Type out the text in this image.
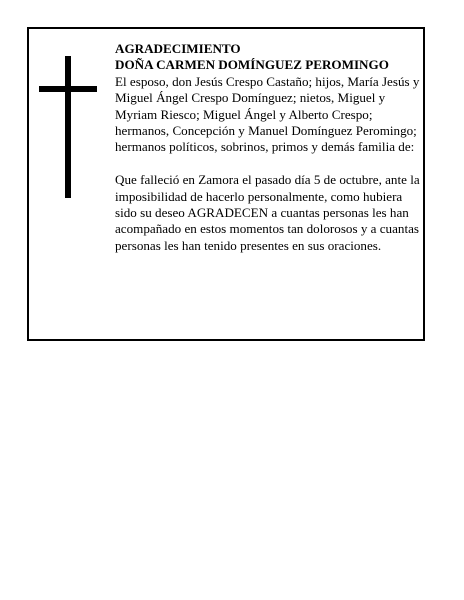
AGRADECIMIENTO

DOÑA CARMEN DOMÍNGUEZ PEROMINGO

El esposo, don Jesús Crespo Castaño; hijos, María Jesús y Miguel Ángel Crespo Domínguez; nietos, Miguel y Myriam Riesco; Miguel Ángel y Alberto Crespo; hermanos, Concepción y Manuel Domínguez Peromingo; hermanos políticos, sobrinos, primos y demás familia de:

Que falleció en Zamora el pasado día 5 de octubre, ante la imposibilidad de hacerlo personalmente, como hubiera sido su deseo AGRADECEN a cuantas personas les han acompañado en estos momentos tan dolorosos y a cuantas personas les han tenido presentes en sus oraciones.
